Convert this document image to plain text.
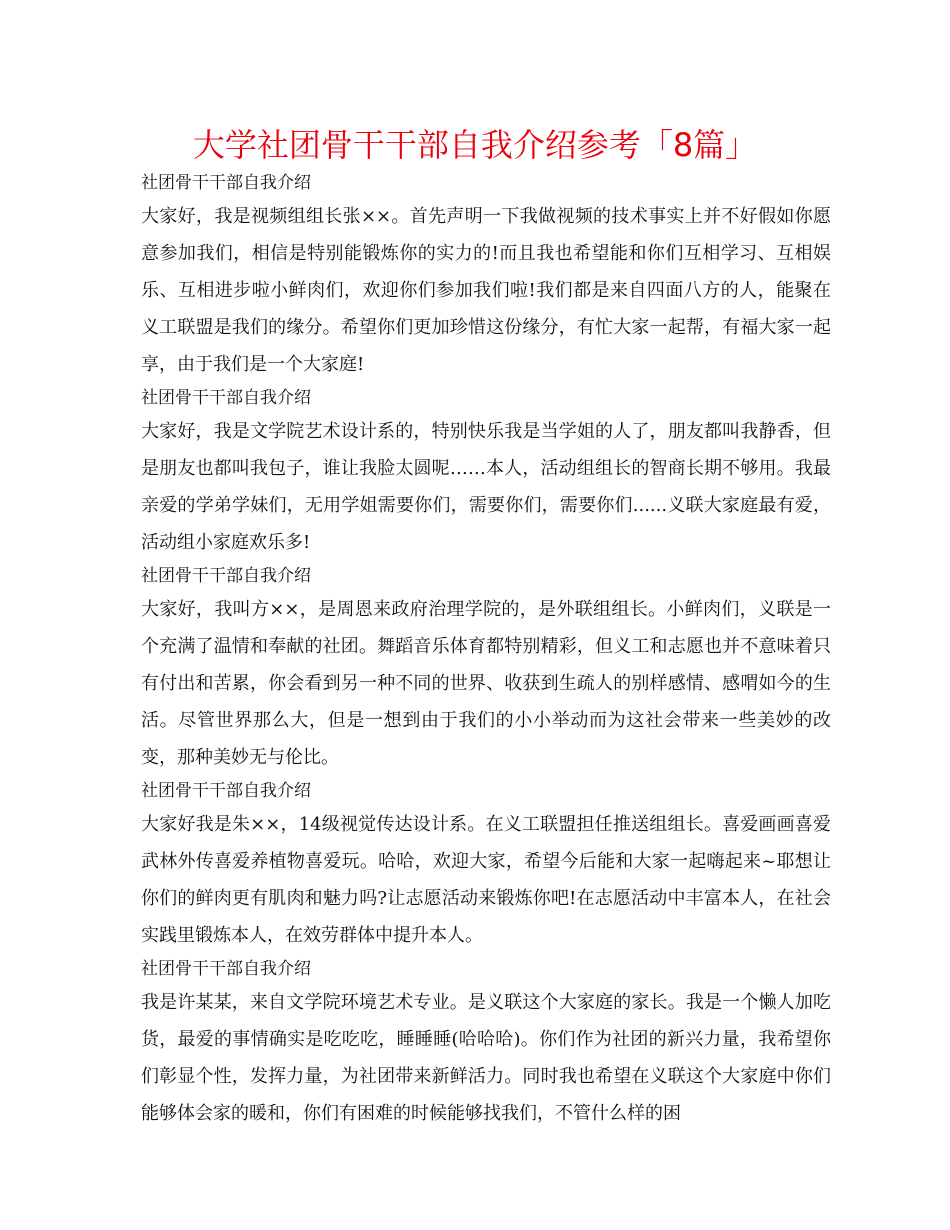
大学社团骨干干部自我介绍参考「8篇」

社团骨干干部自我介绍

大家好，我是视频组组长张××。首先声明一下我做视频的技术事实上并不好假如你愿意参加我们，相信是特别能锻炼你的实力的!而且我也希望能和你们互相学习、互相娱乐、互相进步啦小鲜肉们，欢迎你们参加我们啦!我们都是来自四面八方的人，能聚在义工联盟是我们的缘分。希望你们更加珍惜这份缘分，有忙大家一起帮，有福大家一起享，由于我们是一个大家庭!

社团骨干干部自我介绍

大家好，我是文学院艺术设计系的，特别快乐我是当学姐的人了，朋友都叫我静香，但是朋友也都叫我包子，谁让我脸太圆呢……本人，活动组组长的智商长期不够用。我最亲爱的学弟学妹们，无用学姐需要你们，需要你们，需要你们......义联大家庭最有爱，活动组小家庭欢乐多!

社团骨干干部自我介绍

大家好，我叫方××，是周恩来政府治理学院的，是外联组组长。小鲜肉们，义联是一个充满了温情和奉献的社团。舞蹈音乐体育都特别精彩，但义工和志愿也并不意味着只有付出和苦累，你会看到另一种不同的世界、收获到生疏人的别样感情、感喟如今的生活。尽管世界那么大，但是一想到由于我们的小小举动而为这社会带来一些美妙的改变，那种美妙无与伦比。

社团骨干干部自我介绍

大家好我是朱××，14级视觉传达设计系。在义工联盟担任推送组组长。喜爱画画喜爱武林外传喜爱养植物喜爱玩。哈哈，欢迎大家，希望今后能和大家一起嗨起来~耶想让你们的鲜肉更有肌肉和魅力吗?让志愿活动来锻炼你吧!在志愿活动中丰富本人，在社会实践里锻炼本人，在效劳群体中提升本人。

社团骨干干部自我介绍

我是许某某，来自文学院环境艺术专业。是义联这个大家庭的家长。我是一个懒人加吃货，最爱的事情确实是吃吃吃，睡睡睡(哈哈哈)。你们作为社团的新兴力量，我希望你们彰显个性，发挥力量，为社团带来新鲜活力。同时我也希望在义联这个大家庭中你们能够体会家的暖和，你们有困难的时候能够找我们，不管什么样的困
